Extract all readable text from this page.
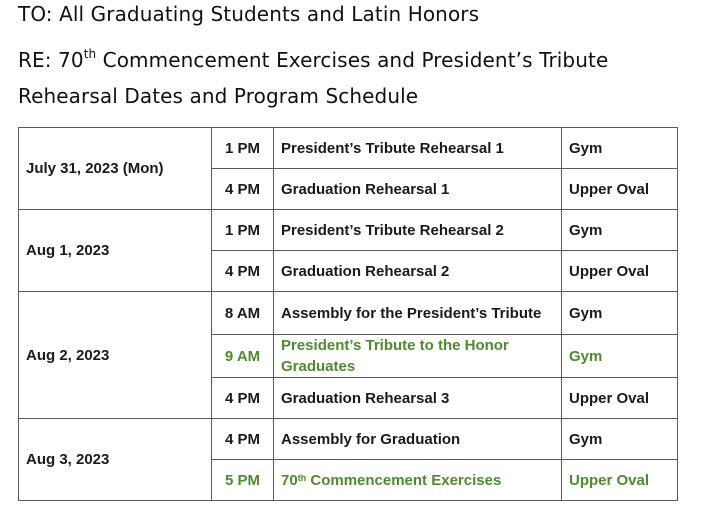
TO: All Graduating Students and Latin Honors
RE: 70th Commencement Exercises and President’s Tribute
Rehearsal Dates and Program Schedule
July 31, 2023 (Mon)	1 PM	President’s Tribute Rehearsal 1	Gym
	4 PM	Graduation Rehearsal 1	Upper Oval
Aug 1, 2023	1 PM	President’s Tribute Rehearsal 2	Gym
	4 PM	Graduation Rehearsal 2	Upper Oval
Aug 2, 2023	8 AM	Assembly for the President’s Tribute	Gym
	9 AM	President’s Tribute to the Honor Graduates	Gym
	4 PM	Graduation Rehearsal 3	Upper Oval
Aug 3, 2023	4 PM	Assembly for Graduation	Gym
	5 PM	70th Commencement Exercises	Upper Oval
